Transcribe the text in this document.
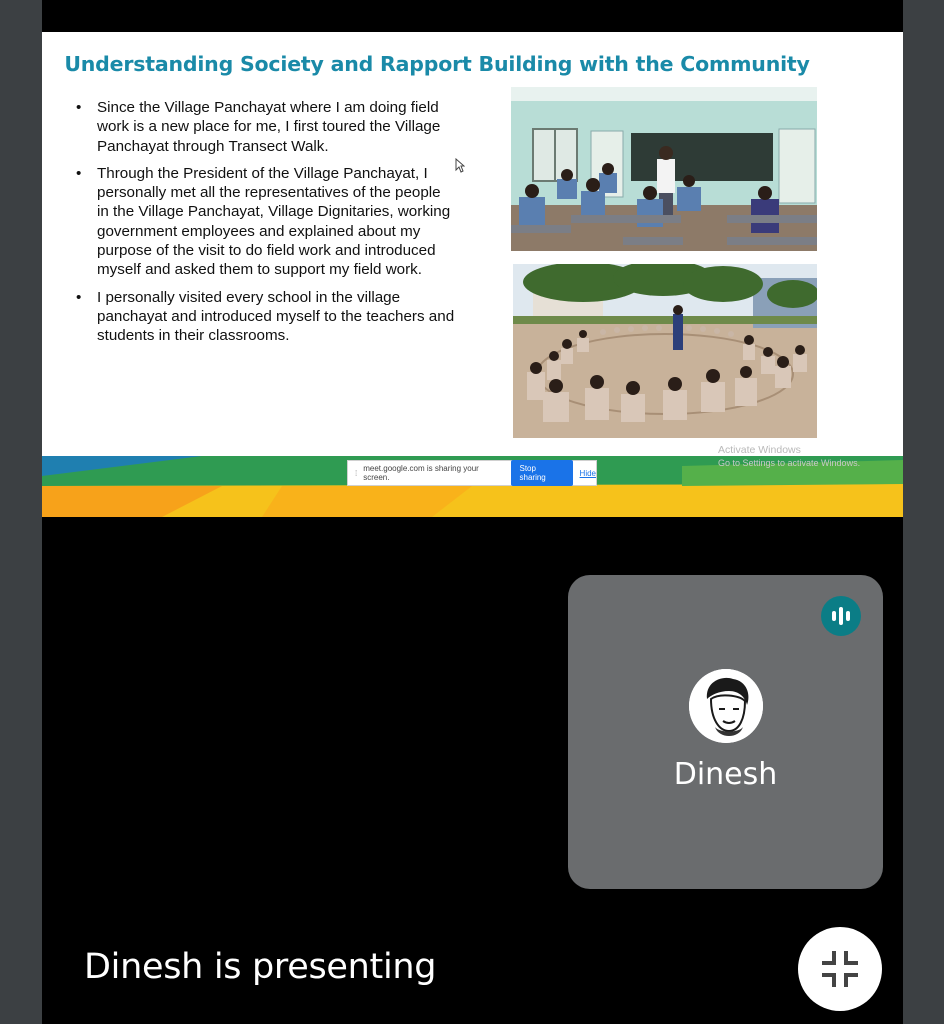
Understanding Society and Rapport Building with the Community
• Since the Village Panchayat where I am doing field work is a new place for me, I first toured the Village Panchayat through Transect Walk.
• Through the President of the Village Panchayat, I personally met all the representatives of the people in the Village Panchayat, Village Dignitaries, working government employees and explained about my purpose of the visit to do field work and introduced myself and asked them to support my field work.
• I personally visited every school in the village panchayat and introduced myself to the teachers and students in their classrooms.
Activate Windows
Go to Settings to activate Windows.
⁞ meet.google.com is sharing your screen.
Stop sharing	Hide
Dinesh
Dinesh is presenting
